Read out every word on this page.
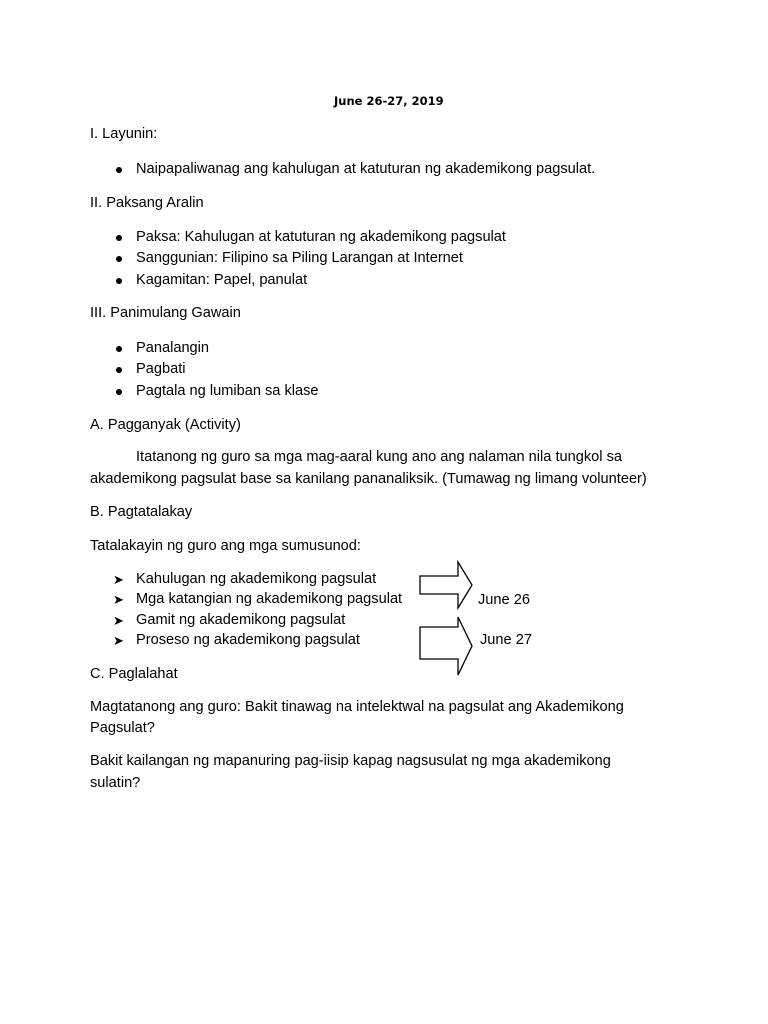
June 26-27, 2019
I. Layunin:
Naipapaliwanag ang kahulugan at katuturan ng akademikong pagsulat.
II. Paksang Aralin
Paksa: Kahulugan at katuturan ng akademikong pagsulat
Sanggunian: Filipino sa Piling Larangan at Internet
Kagamitan: Papel, panulat
III. Panimulang Gawain
Panalangin
Pagbati
Pagtala ng lumiban sa klase
A. Pagganyak (Activity)
Itatanong ng guro sa mga mag-aaral kung ano ang nalaman nila tungkol sa
akademikong pagsulat base sa kanilang pananaliksik. (Tumawag ng limang volunteer)
B. Pagtatalakay
Tatalakayin ng guro ang mga sumusunod:
➤ Kahulugan ng akademikong pagsulat
➤ Mga katangian ng akademikong pagsulat
➤ Gamit ng akademikong pagsulat
➤ Proseso ng akademikong pagsulat
June 26
June 27
C. Paglalahat
Magtatanong ang guro: Bakit tinawag na intelektwal na pagsulat ang Akademikong
Pagsulat?
Bakit kailangan ng mapanuring pag-iisip kapag nagsusulat ng mga akademikong
sulatin?
